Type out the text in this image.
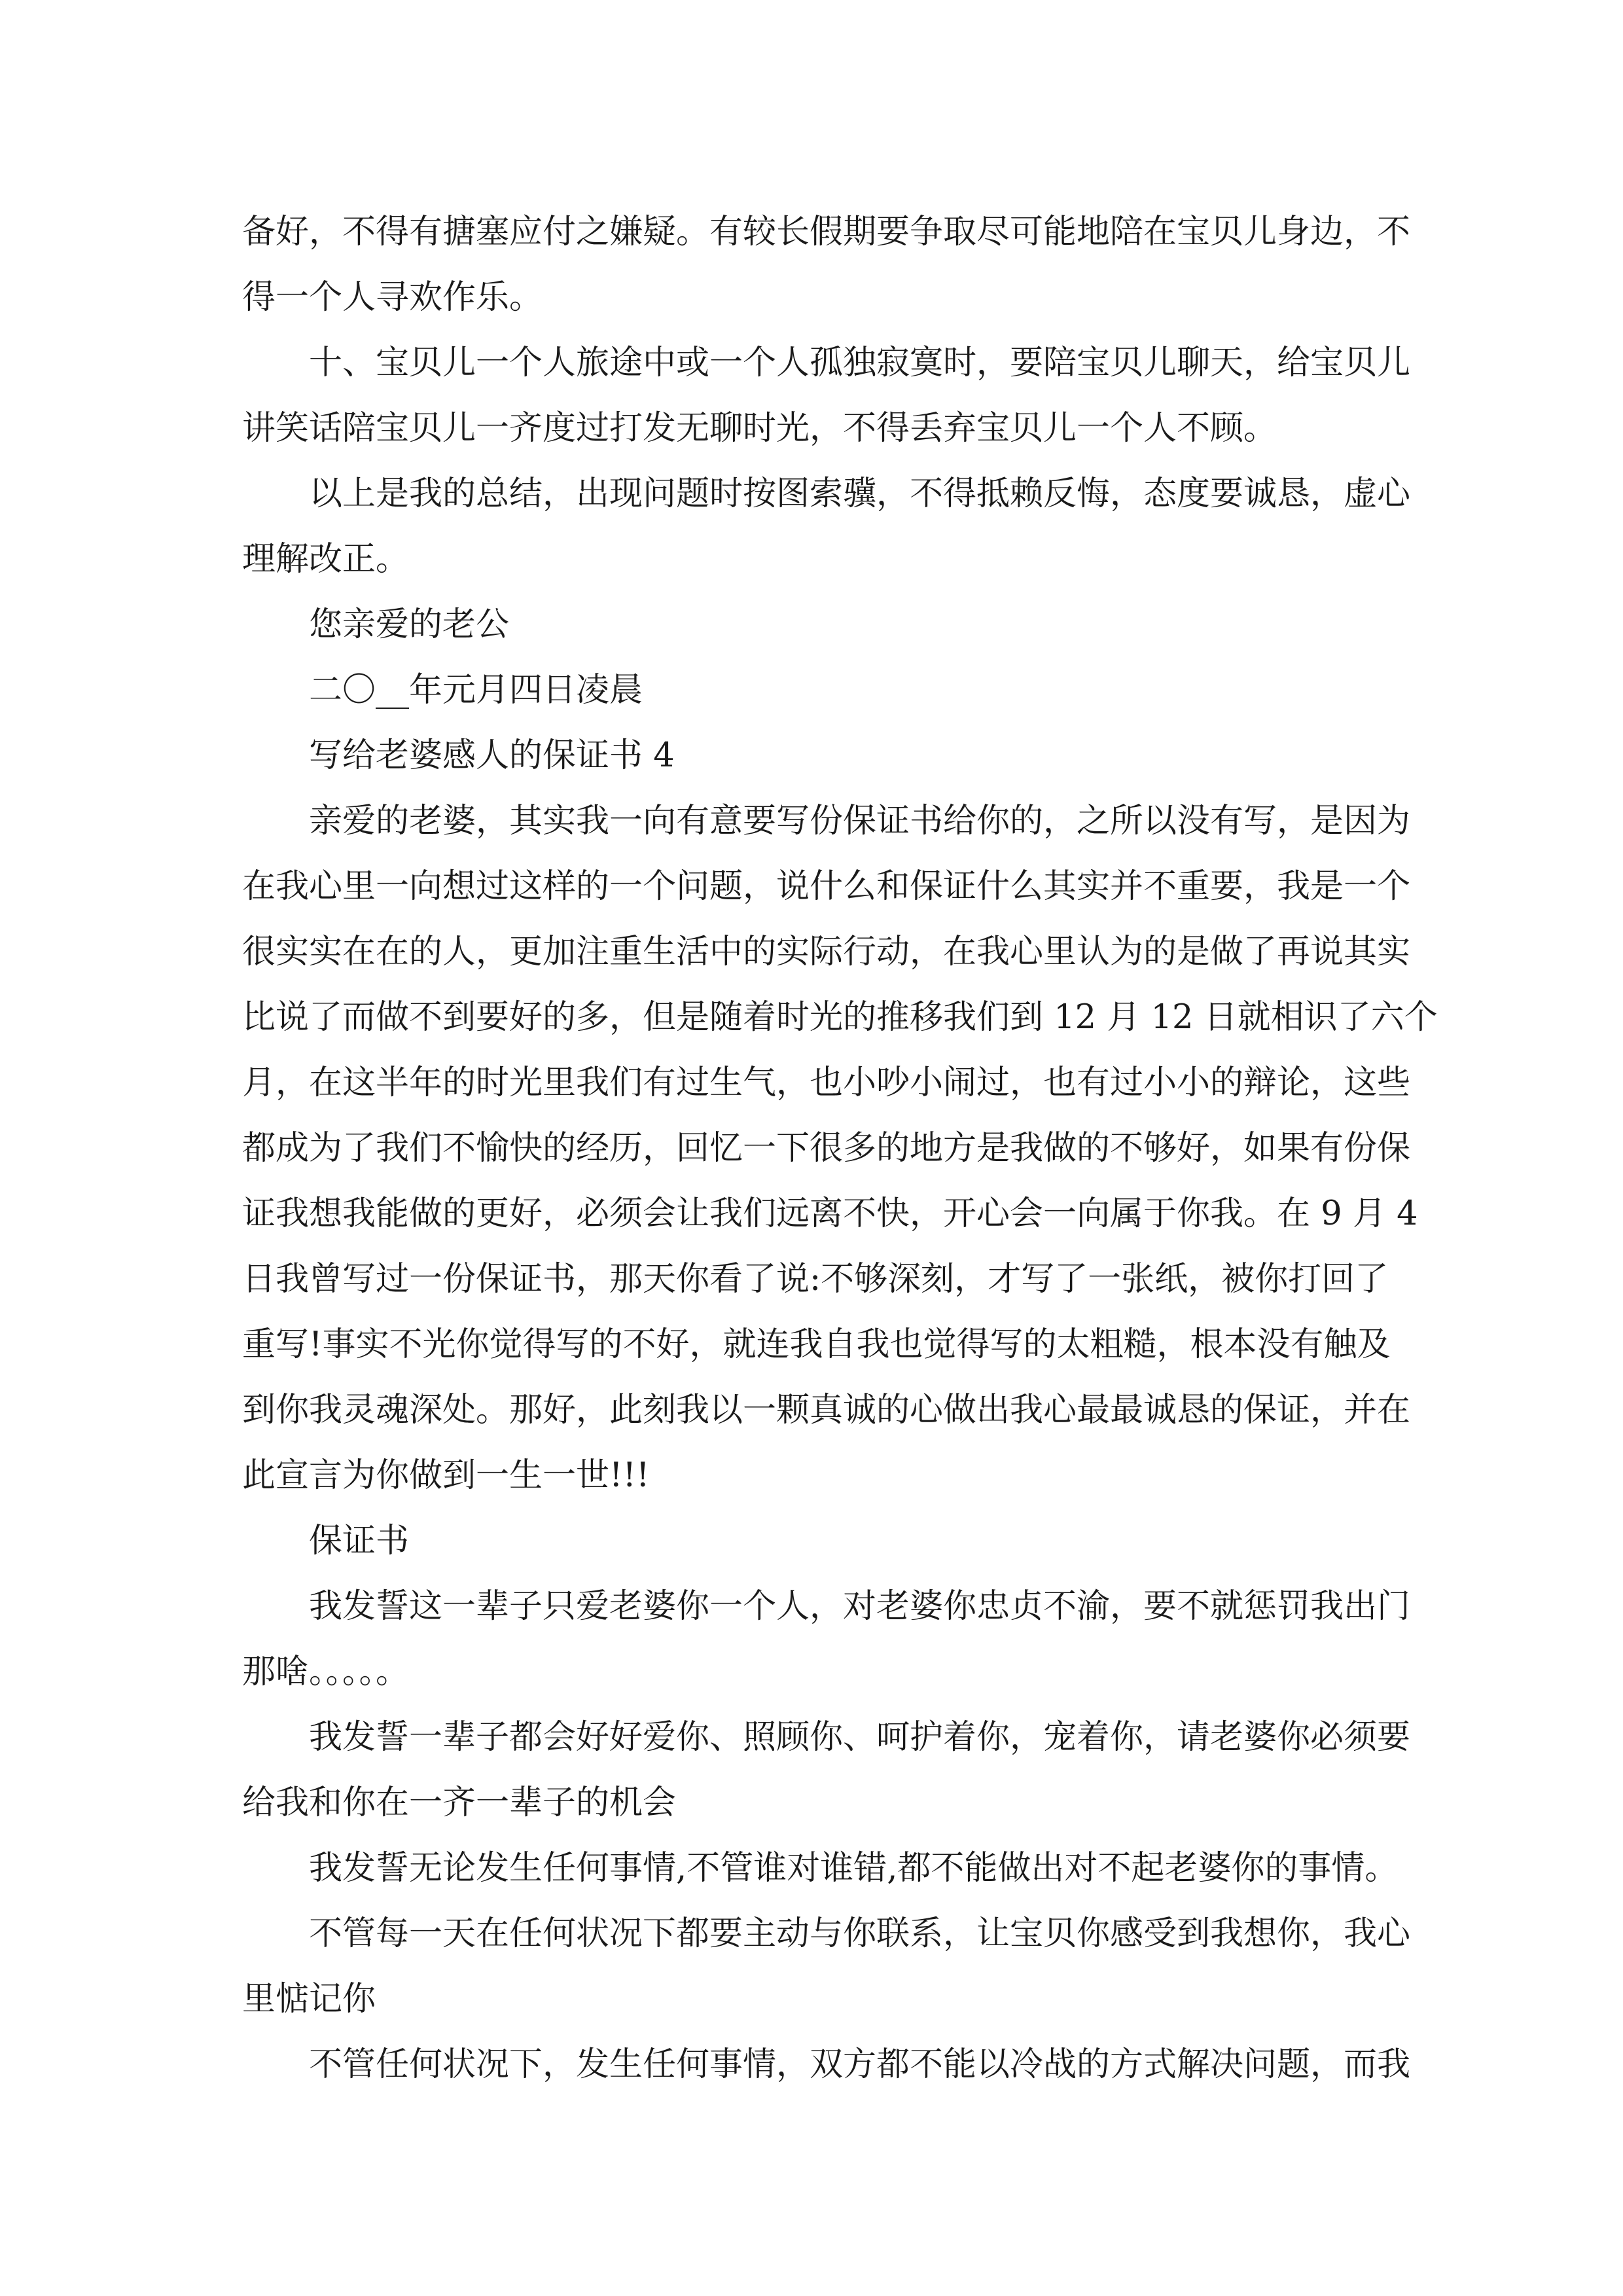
备好，不得有搪塞应付之嫌疑。有较长假期要争取尽可能地陪在宝贝儿身边，不
得一个人寻欢作乐。

十、宝贝儿一个人旅途中或一个人孤独寂寞时，要陪宝贝儿聊天，给宝贝儿
讲笑话陪宝贝儿一齐度过打发无聊时光，不得丢弃宝贝儿一个人不顾。

以上是我的总结，出现问题时按图索骥，不得抵赖反悔，态度要诚恳，虚心
理解改正。

您亲爱的老公

二〇__年元月四日凌晨

写给老婆感人的保证书 4

亲爱的老婆，其实我一向有意要写份保证书给你的，之所以没有写，是因为
在我心里一向想过这样的一个问题，说什么和保证什么其实并不重要，我是一个
很实实在在的人，更加注重生活中的实际行动，在我心里认为的是做了再说其实
比说了而做不到要好的多，但是随着时光的推移我们到 12 月 12 日就相识了六个
月，在这半年的时光里我们有过生气，也小吵小闹过，也有过小小的辩论，这些
都成为了我们不愉快的经历，回忆一下很多的地方是我做的不够好，如果有份保
证我想我能做的更好，必须会让我们远离不快，开心会一向属于你我。在 9 月 4
日我曾写过一份保证书，那天你看了说:不够深刻，才写了一张纸，被你打回了
重写!事实不光你觉得写的不好，就连我自我也觉得写的太粗糙，根本没有触及
到你我灵魂深处。那好，此刻我以一颗真诚的心做出我心最最诚恳的保证，并在
此宣言为你做到一生一世!!!

保证书

我发誓这一辈子只爱老婆你一个人，对老婆你忠贞不渝，要不就惩罚我出门
那啥。。。。。

我发誓一辈子都会好好爱你、照顾你、呵护着你，宠着你，请老婆你必须要
给我和你在一齐一辈子的机会

我发誓无论发生任何事情,不管谁对谁错,都不能做出对不起老婆你的事情。

不管每一天在任何状况下都要主动与你联系，让宝贝你感受到我想你，我心
里惦记你

不管任何状况下，发生任何事情，双方都不能以冷战的方式解决问题，而我
